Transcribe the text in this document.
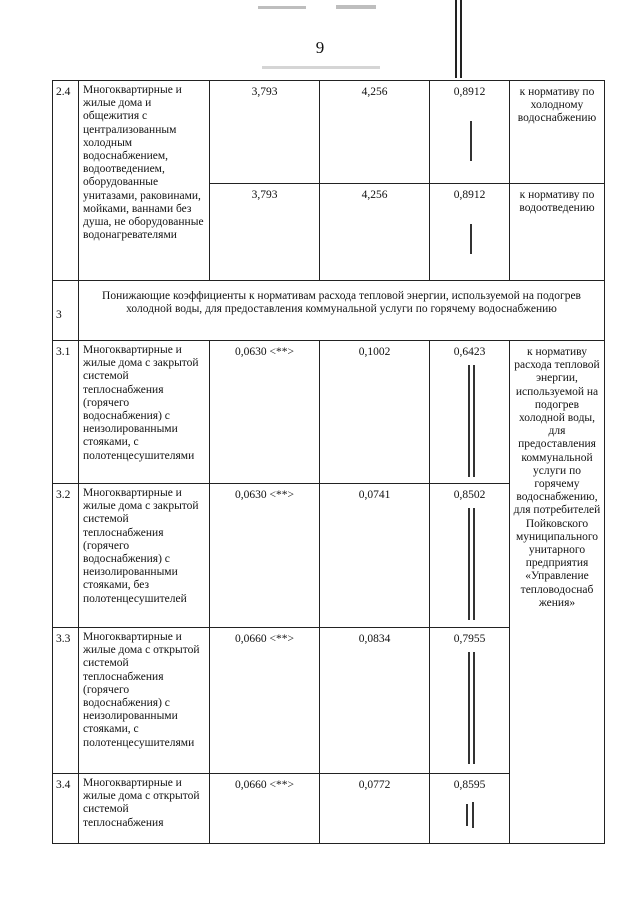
9
2.4	Многоквартирные и жилые дома и общежития с централизованным холодным водоснабжением, водоотведением, оборудованные унитазами, раковинами, мойками, ваннами без душа, не оборудованные водонагревателями	3,793	4,256	0,8912	к нормативу по холодному водоснабжению
		3,793	4,256	0,8912	к нормативу по водоотведению
3	Понижающие коэффициенты к нормативам расхода тепловой энергии, используемой на подогрев холодной воды, для предоставления коммунальной услуги по горячему водоснабжению				
3.1	Многоквартирные и жилые дома с закрытой системой теплоснабжения (горячего водоснабжения) с неизолированными стояками, с полотенцесушителями	0,0630 <**>	0,1002	0,6423	к нормативу расхода тепловой энергии, используемой на подогрев холодной воды, для предоставления коммунальной услуги по горячему водоснабжению, для потребителей Пойковского муниципального унитарного предприятия «Управление тепловодоснаб жения»
3.2	Многоквартирные и жилые дома с закрытой системой теплоснабжения (горячего водоснабжения) с неизолированными стояками, без полотенцесушителей	0,0630 <**>	0,0741	0,8502	

3.3	Многоквартирные и жилые дома с открытой системой теплоснабжения (горячего водоснабжения) с неизолированными стояками, с полотенцесушителями	0,0660 <**>	0,0834	0,7955	

3.4	Многоквартирные и жилые дома с открытой системой теплоснабжения	0,0660 <**>	0,0772	0,8595	
